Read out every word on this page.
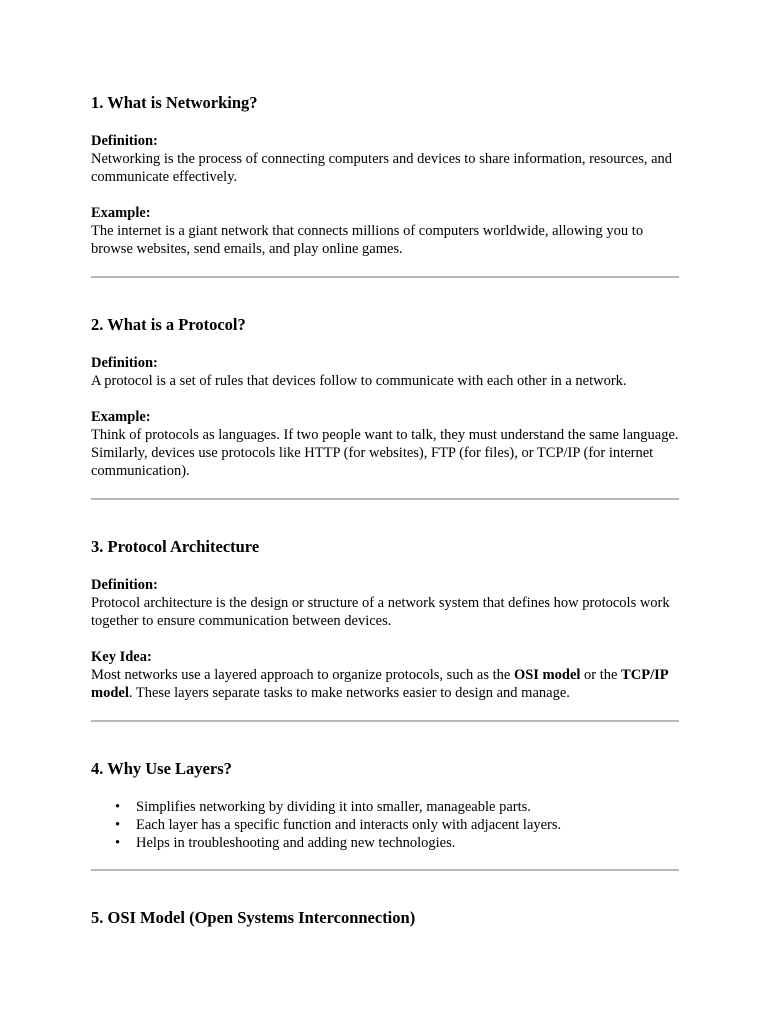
1. What is Networking?

Definition:

Networking is the process of connecting computers and devices to share information, resources, and communicate effectively.

Example:

The internet is a giant network that connects millions of computers worldwide, allowing you to browse websites, send emails, and play online games.

2. What is a Protocol?

Definition:

A protocol is a set of rules that devices follow to communicate with each other in a network.

Example:

Think of protocols as languages. If two people want to talk, they must understand the same language. Similarly, devices use protocols like HTTP (for websites), FTP (for files), or TCP/IP (for internet communication).

3. Protocol Architecture

Definition:

Protocol architecture is the design or structure of a network system that defines how protocols work together to ensure communication between devices.

Key Idea:

Most networks use a layered approach to organize protocols, such as the OSI model or the TCP/IP model. These layers separate tasks to make networks easier to design and manage.

4. Why Use Layers?
• Simplifies networking by dividing it into smaller, manageable parts.
• Each layer has a specific function and interacts only with adjacent layers.
• Helps in troubleshooting and adding new technologies.
5. OSI Model (Open Systems Interconnection)
